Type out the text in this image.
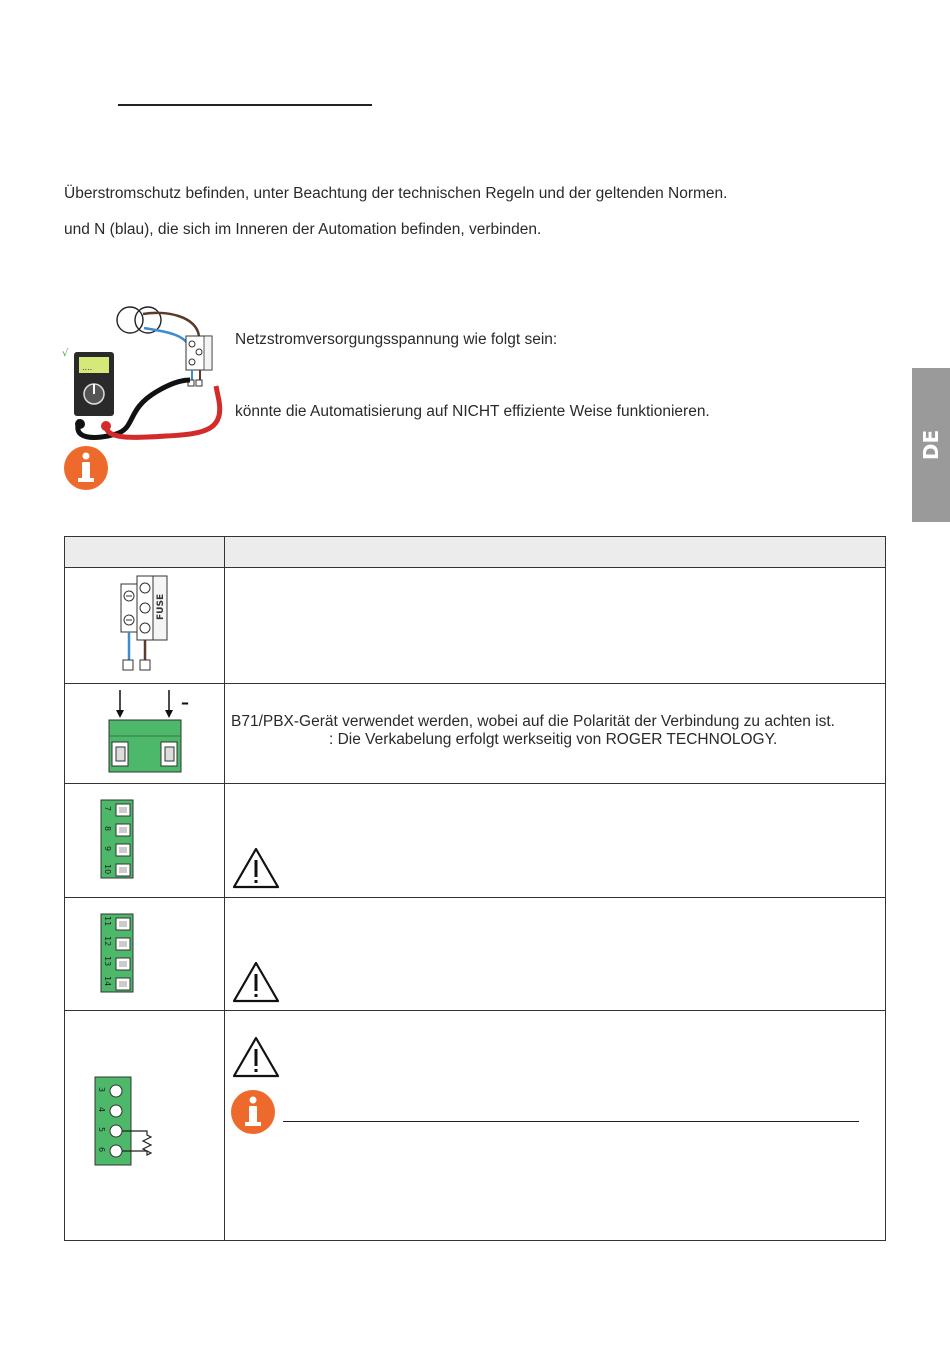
Überstromschutz befinden, unter Beachtung der technischen Regeln und der geltenden Normen.
und N (blau), die sich im Inneren der Automation befinden, verbinden.
....
√
Netzstromversorgungsspannung wie folgt sein:
könnte die Automatisierung auf NICHT effiziente Weise funktionieren.
DE

FUSE	

–	B71/PBX-Gerät verwendet werden, wobei auf die Polarität der Verbindung zu achten ist.
: Die Verkabelung erfolgt werkseitig von ROGER TECHNOLOGY.

7
8
9
10

11
12
13
14

3
4
5
6
